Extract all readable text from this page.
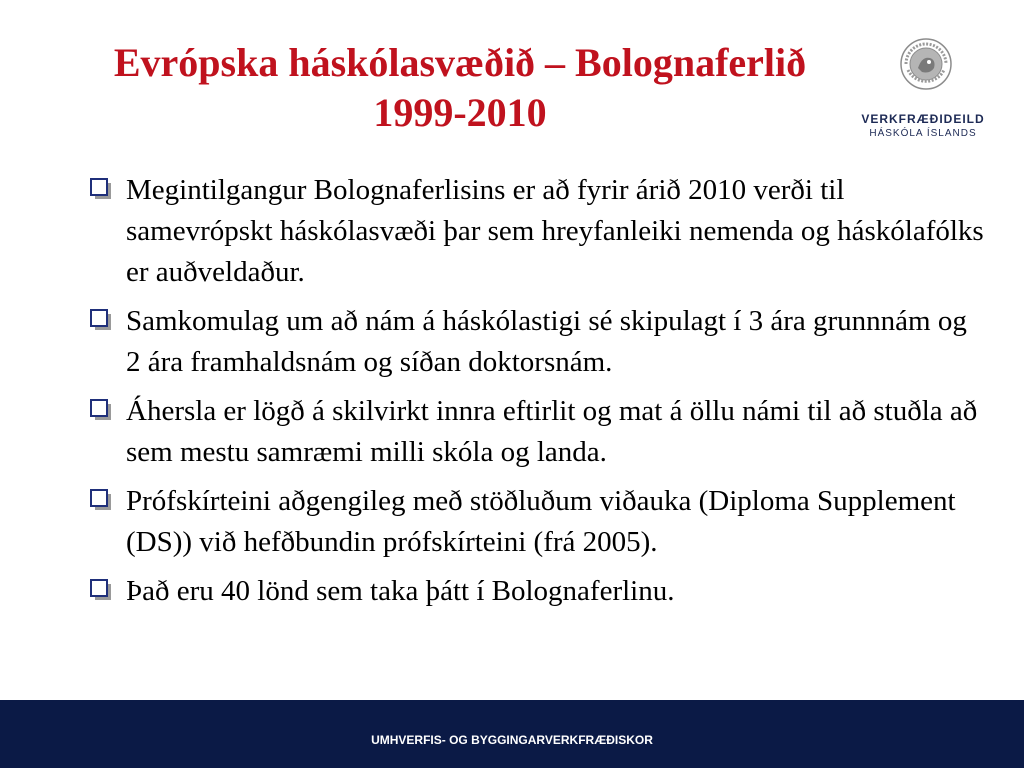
Evrópska háskólasvæðið – Bolognaferlið
1999-2010	VERKFRÆÐIDEILD
HÁSKÓLA ÍSLANDS
Megintilgangur Bolognaferlisins er að fyrir árið 2010 verði til samevrópskt háskólasvæði þar sem hreyfanleiki nemenda og háskólafólks er auðveldaður.
Samkomulag um að nám á háskólastigi sé skipulagt í 3 ára grunnnám og 2 ára framhaldsnám og síðan doktorsnám.
Áhersla er lögð á skilvirkt innra eftirlit og mat á öllu námi til að stuðla að sem mestu samræmi milli skóla og landa.
Prófskírteini aðgengileg með stöðluðum viðauka (Diploma Supplement (DS)) við hefðbundin prófskírteini (frá 2005).
Það eru 40 lönd sem taka þátt í Bolognaferlinu.
UMHVERFIS- OG BYGGINGARVERKFRÆÐISKOR
